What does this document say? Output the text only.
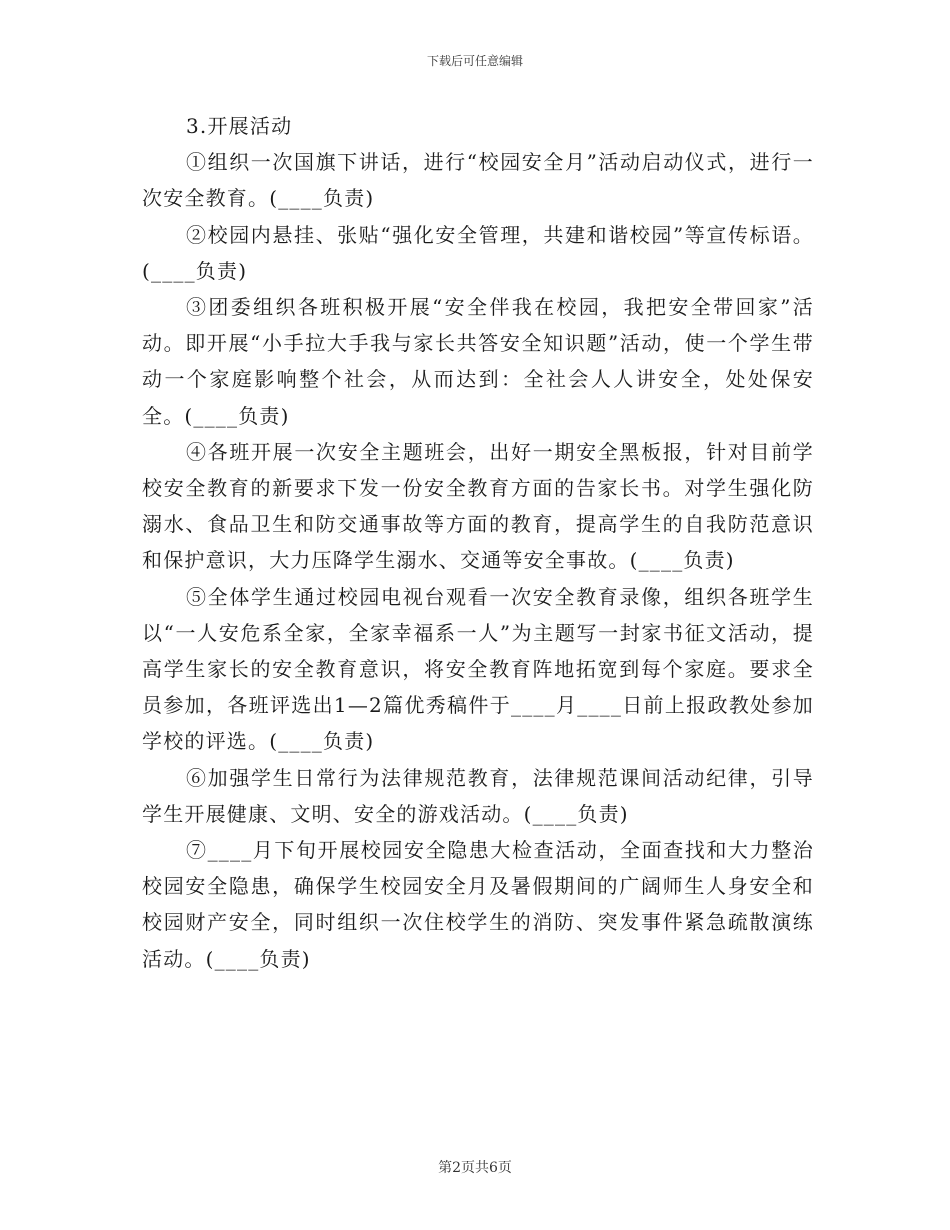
下载后可任意编辑

3.开展活动

①组织一次国旗下讲话，进行“校园安全月”活动启动仪式，进行一次安全教育。(____负责)

②校园内悬挂、张贴“强化安全管理，共建和谐校园”等宣传标语。(____负责)

③团委组织各班积极开展“安全伴我在校园，我把安全带回家”活动。即开展“小手拉大手我与家长共答安全知识题”活动，使一个学生带动一个家庭影响整个社会，从而达到：全社会人人讲安全，处处保安全。(____负责)

④各班开展一次安全主题班会，出好一期安全黑板报，针对目前学校安全教育的新要求下发一份安全教育方面的告家长书。对学生强化防溺水、食品卫生和防交通事故等方面的教育，提高学生的自我防范意识和保护意识，大力压降学生溺水、交通等安全事故。(____负责)

⑤全体学生通过校园电视台观看一次安全教育录像，组织各班学生以“一人安危系全家，全家幸福系一人”为主题写一封家书征文活动，提高学生家长的安全教育意识，将安全教育阵地拓宽到每个家庭。要求全员参加，各班评选出1—2篇优秀稿件于____月____日前上报政教处参加学校的评选。(____负责)

⑥加强学生日常行为法律规范教育，法律规范课间活动纪律，引导学生开展健康、文明、安全的游戏活动。(____负责)

⑦____月下旬开展校园安全隐患大检查活动，全面查找和大力整治校园安全隐患，确保学生校园安全月及暑假期间的广阔师生人身安全和校园财产安全，同时组织一次住校学生的消防、突发事件紧急疏散演练活动。(____负责)

第2页共6页
